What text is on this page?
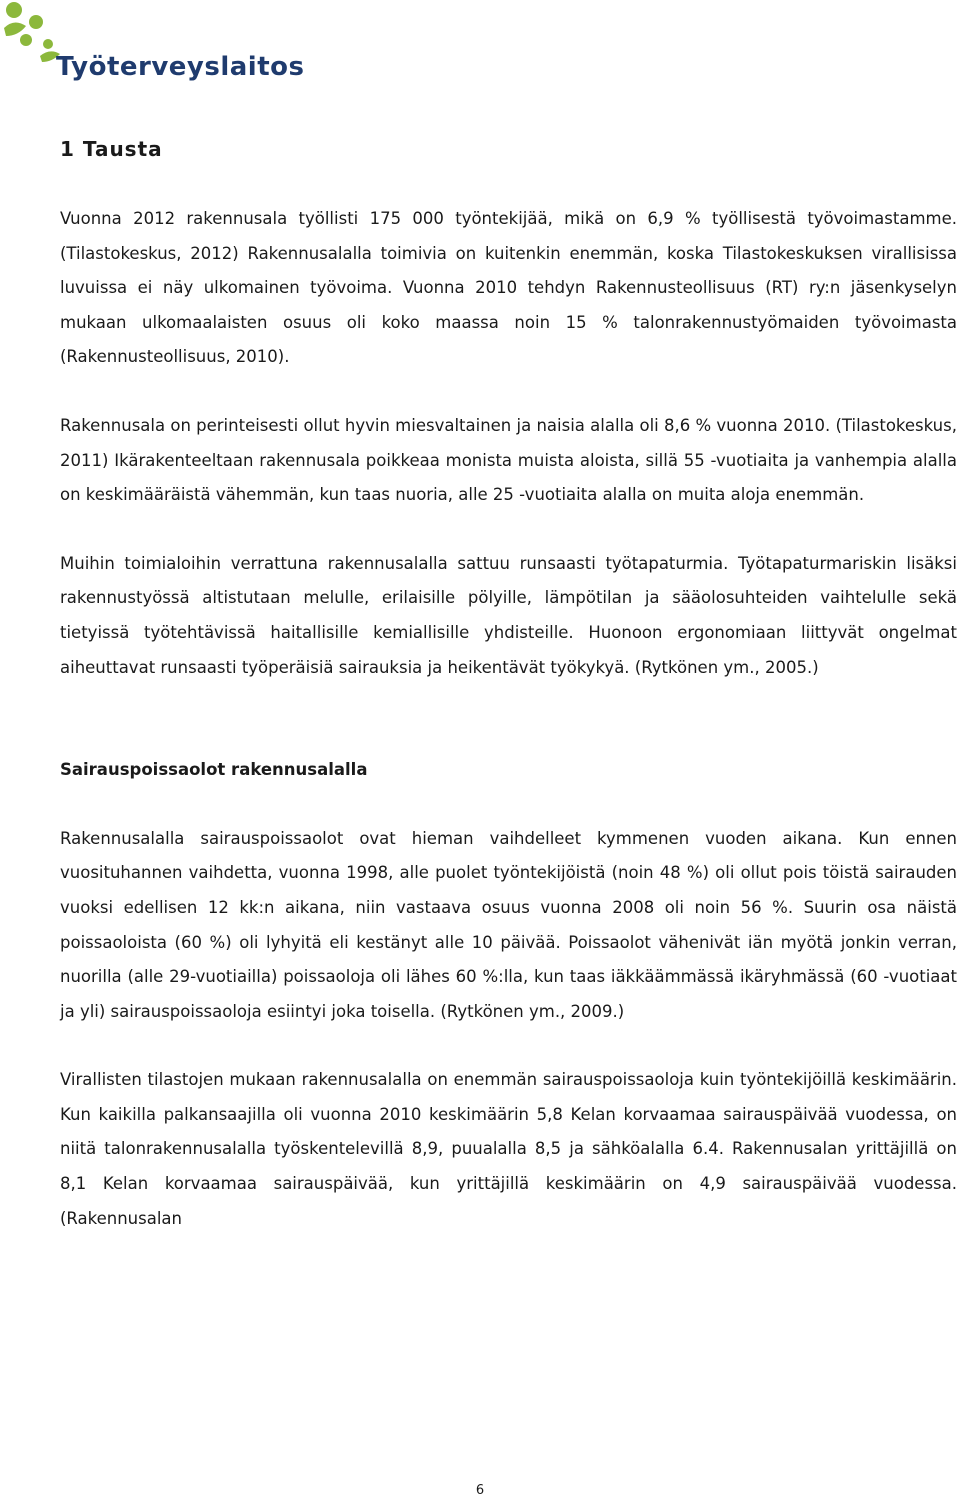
Työterveyslaitos
1 Tausta

Vuonna 2012 rakennusala työllisti 175 000 työntekijää, mikä on 6,9 % työllisestä työvoimastamme. (Tilastokeskus, 2012) Rakennusalalla toimivia on kuitenkin enemmän, koska Tilastokeskuksen virallisissa luvuissa ei näy ulkomainen työvoima. Vuonna 2010 tehdyn Rakennusteollisuus (RT) ry:n jäsenkyselyn mukaan ulkomaalaisten osuus oli koko maassa noin 15 % talonrakennustyömaiden työvoimasta (Rakennusteollisuus, 2010).

Rakennusala on perinteisesti ollut hyvin miesvaltainen ja naisia alalla oli 8,6 % vuonna 2010. (Tilastokeskus, 2011) Ikärakenteeltaan rakennusala poikkeaa monista muista aloista, sillä 55 -vuotiaita ja vanhempia alalla on keskimääräistä vähemmän, kun taas nuoria, alle 25 -vuotiaita alalla on muita aloja enemmän.

Muihin toimialoihin verrattuna rakennusalalla sattuu runsaasti työtapaturmia. Työtapaturmariskin lisäksi rakennustyössä altistutaan melulle, erilaisille pölyille, lämpötilan ja sääolosuhteiden vaihtelulle sekä tietyissä työtehtävissä haitallisille kemiallisille yhdisteille. Huonoon ergonomiaan liittyvät ongelmat aiheuttavat runsaasti työperäisiä sairauksia ja heikentävät työkykyä. (Rytkönen ym., 2005.)

Sairauspoissaolot rakennusalalla

Rakennusalalla sairauspoissaolot ovat hieman vaihdelleet kymmenen vuoden aikana. Kun ennen vuosituhannen vaihdetta, vuonna 1998, alle puolet työntekijöistä (noin 48 %) oli ollut pois töistä sairauden vuoksi edellisen 12 kk:n aikana, niin vastaava osuus vuonna 2008 oli noin 56 %. Suurin osa näistä poissaoloista (60 %) oli lyhyitä eli kestänyt alle 10 päivää. Poissaolot vähenivät iän myötä jonkin verran, nuorilla (alle 29-vuotiailla) poissaoloja oli lähes 60 %:lla, kun taas iäkkäämmässä ikäryhmässä (60 -vuotiaat ja yli) sairauspoissaoloja esiintyi joka toisella. (Rytkönen ym., 2009.)

Virallisten tilastojen mukaan rakennusalalla on enemmän sairauspoissaoloja kuin työntekijöillä keskimäärin. Kun kaikilla palkansaajilla oli vuonna 2010 keskimäärin 5,8 Kelan korvaamaa sairauspäivää vuodessa, on niitä talonrakennusalalla työskentelevillä 8,9, puualalla 8,5 ja sähköalalla 6.4. Rakennusalan yrittäjillä on 8,1 Kelan korvaamaa sairauspäivää, kun yrittäjillä keskimäärin on 4,9 sairauspäivää vuodessa. (Rakennusalan

6
